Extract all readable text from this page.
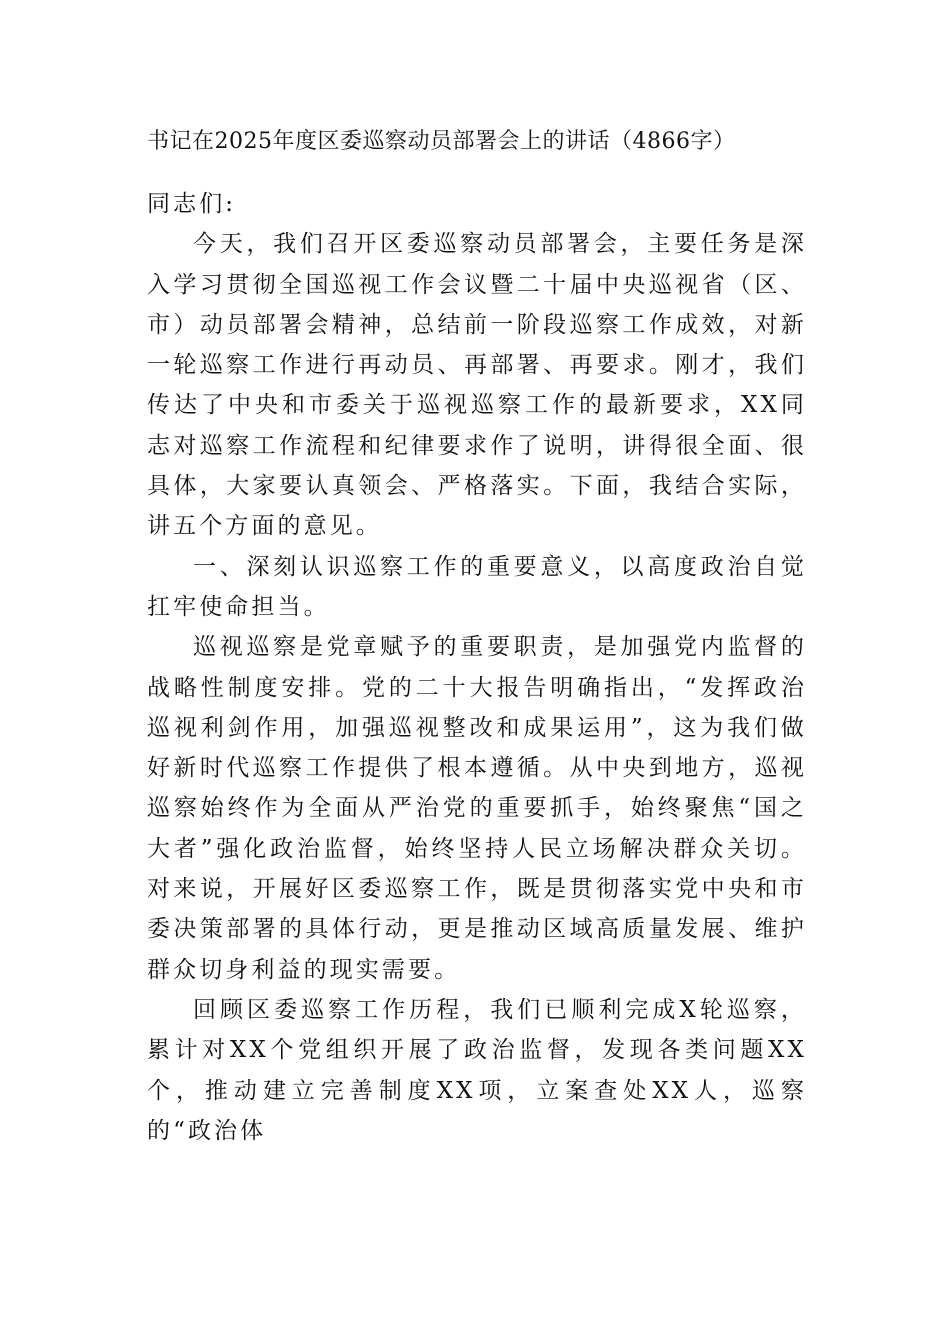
书记在2025年度区委巡察动员部署会上的讲话（4866字）

同志们:

今天，我们召开区委巡察动员部署会，主要任务是深入学习贯彻全国巡视工作会议暨二十届中央巡视省（区、市）动员部署会精神，总结前一阶段巡察工作成效，对新一轮巡察工作进行再动员、再部署、再要求。刚才，我们传达了中央和市委关于巡视巡察工作的最新要求，XX同志对巡察工作流程和纪律要求作了说明，讲得很全面、很具体，大家要认真领会、严格落实。下面，我结合实际，讲五个方面的意见。

一、深刻认识巡察工作的重要意义，以高度政治自觉扛牢使命担当。

巡视巡察是党章赋予的重要职责，是加强党内监督的战略性制度安排。党的二十大报告明确指出，“发挥政治巡视利剑作用，加强巡视整改和成果运用”，这为我们做好新时代巡察工作提供了根本遵循。从中央到地方，巡视巡察始终作为全面从严治党的重要抓手，始终聚焦“国之大者”强化政治监督，始终坚持人民立场解决群众关切。对来说，开展好区委巡察工作，既是贯彻落实党中央和市委决策部署的具体行动，更是推动区域高质量发展、维护群众切身利益的现实需要。

回顾区委巡察工作历程，我们已顺利完成X轮巡察，累计对XX个党组织开展了政治监督，发现各类问题XX个，推动建立完善制度XX项，立案查处XX人，巡察的“政治体
